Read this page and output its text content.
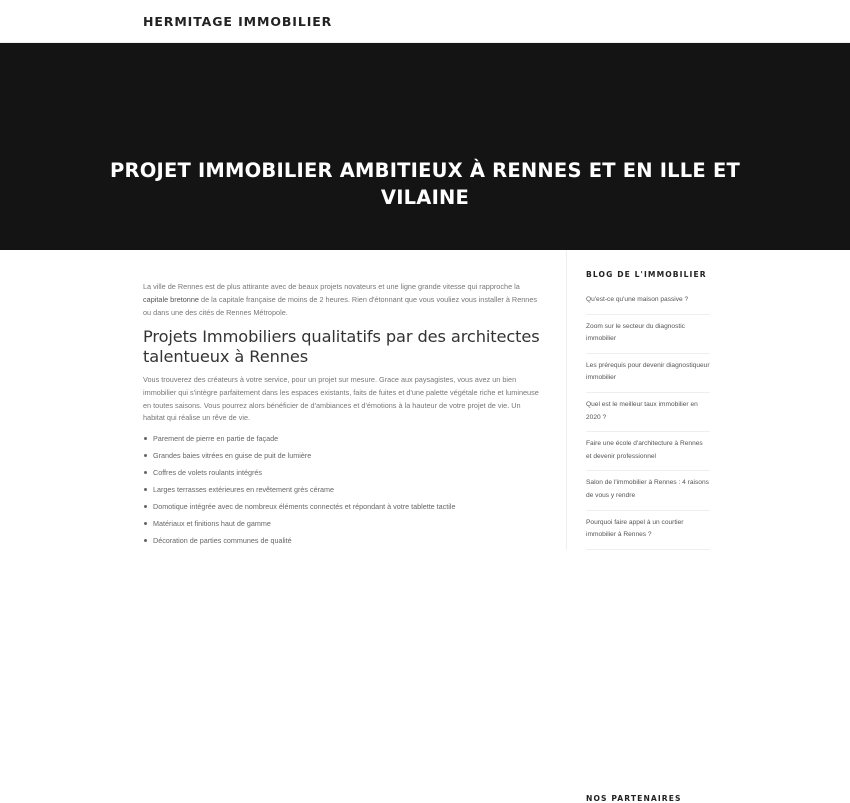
HERMITAGE IMMOBILIER
PROJET IMMOBILIER AMBITIEUX À RENNES ET EN ILLE ET VILAINE

La ville de Rennes est de plus attirante avec de beaux projets novateurs et une ligne grande vitesse qui rapproche la capitale bretonne de la capitale française de moins de 2 heures. Rien d'étonnant que vous vouliez vous installer à Rennes ou dans une des cités de Rennes Métropole.

Projets Immobiliers qualitatifs par des architectes talentueux à Rennes

Vous trouverez des créateurs à votre service, pour un projet sur mesure. Grace aux paysagistes, vous avez un bien immobilier qui s'intègre parfaitement dans les espaces existants, faits de fuites et d'une palette végétale riche et lumineuse en toutes saisons. Vous pourrez alors bénéficier de d'ambiances et d'émotions à la hauteur de votre projet de vie. Un habitat qui réalise un rêve de vie.

Parement de pierre en partie de façade
Grandes baies vitrées en guise de puit de lumière
Coffres de volets roulants intégrés
Larges terrasses extérieures en revêtement grès cérame
Domotique intégrée avec de nombreux éléments connectés et répondant à votre tablette tactile
Matériaux et finitions haut de gamme
Décoration de parties communes de qualité
BLOG DE L'IMMOBILIER
Qu'est-ce qu'une maison passive ?
Zoom sur le secteur du diagnostic immobilier
Les prérequis pour devenir diagnostiqueur immobilier
Quel est le meilleur taux immobilier en 2020 ?
Faire une école d'architecture à Rennes et devenir professionnel
Salon de l'immobilier à Rennes : 4 raisons de vous y rendre
Pourquoi faire appel à un courtier immobilier à Rennes ?
NOS PARTENAIRES
